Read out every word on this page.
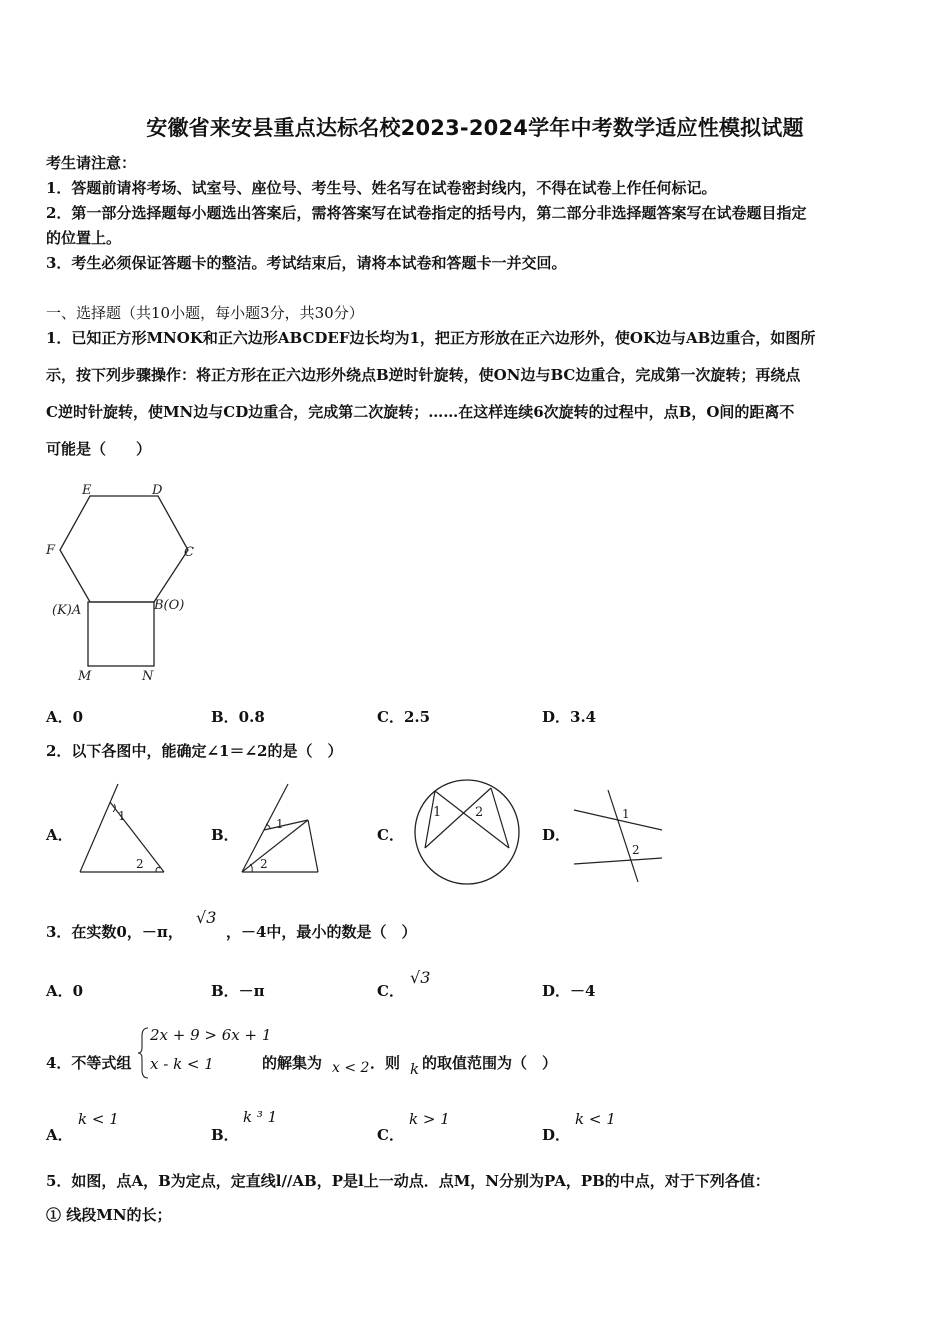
安徽省来安县重点达标名校2023-2024学年中考数学适应性模拟试题
考生请注意：
1．答题前请将考场、试室号、座位号、考生号、姓名写在试卷密封线内，不得在试卷上作任何标记。
2．第一部分选择题每小题选出答案后，需将答案写在试卷指定的括号内，第二部分非选择题答案写在试卷题目指定
的位置上。
3．考生必须保证答题卡的整洁。考试结束后，请将本试卷和答题卡一并交回。
一、选择题（共10小题，每小题3分，共30分）
1．已知正方形MNOK和正六边形ABCDEF边长均为1，把正方形放在正六边形外，使OK边与AB边重合，如图所
示，按下列步骤操作：将正方形在正六边形外绕点B逆时针旋转，使ON边与BC边重合，完成第一次旋转；再绕点
C逆时针旋转，使MN边与CD边重合，完成第二次旋转；……在这样连续6次旋转的过程中，点B，O间的距离不
可能是（　　）
E	D
F	C
(K)A	B(O)
M	N
A．0	B．0.8	C．2.5	D．3.4
2．以下各图中，能确定∠1＝∠2的是（　）
A．	B．	C．	D．
1
2
1
2
1	2	1
2
3．在实数0，－π，
√3
，－4中，最小的数是（　）
A．0	B．－π	C．
√3
D．－4
4．不等式组
2x + 9 > 6x + 1
x - k < 1	的解集为 x < 2 ．则 k 的取值范围为（　）
A．
k < 1
B．
k ³ 1
C．
k > 1
D．
k < 1
5．如图，点A，B为定点，定直线l//AB，P是l上一动点．点M，N分别为PA，PB的中点，对于下列各值：
① 线段MN的长；
